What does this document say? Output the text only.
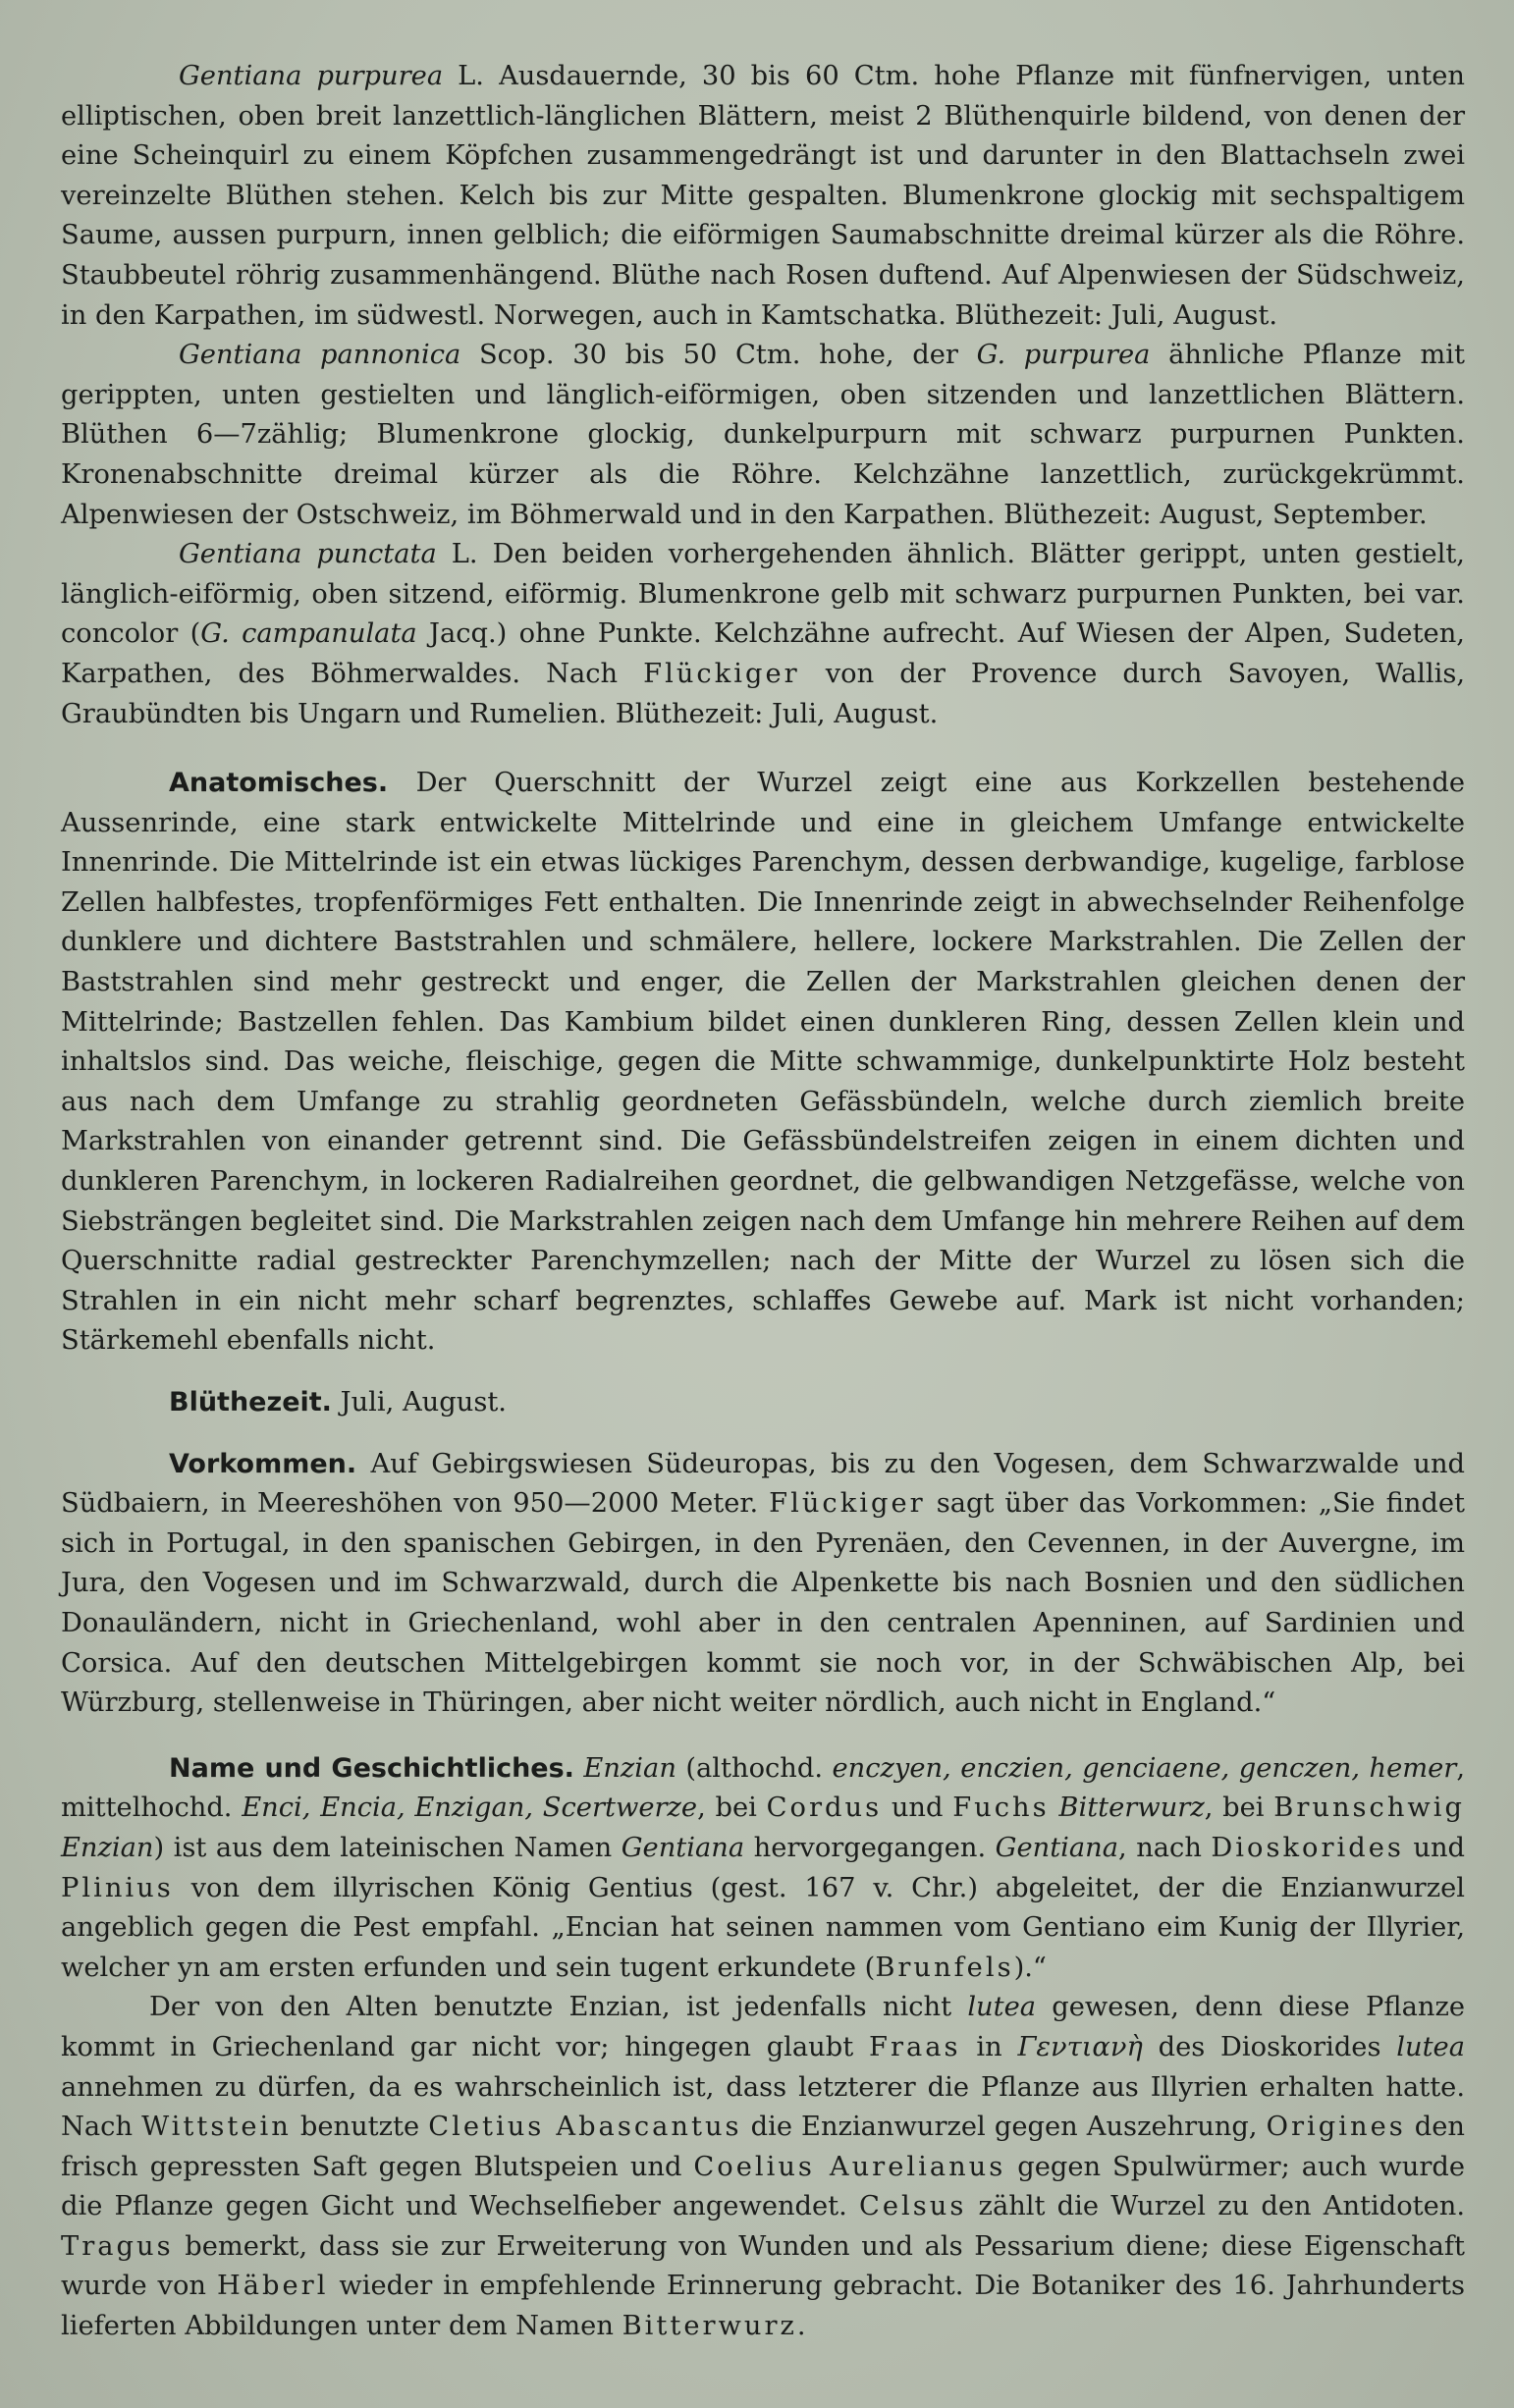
Gentiana purpurea L. Ausdauernde, 30 bis 60 Ctm. hohe Pflanze mit fünfnervigen, unten elliptischen, oben breit lanzettlich-länglichen Blättern, meist 2 Blüthenquirle bildend, von denen der eine Scheinquirl zu einem Köpfchen zusammengedrängt ist und darunter in den Blattachseln zwei vereinzelte Blüthen stehen. Kelch bis zur Mitte gespalten. Blumenkrone glockig mit sechspaltigem Saume, aussen purpurn, innen gelblich; die eiförmigen Saumabschnitte dreimal kürzer als die Röhre. Staubbeutel röhrig zusammenhängend. Blüthe nach Rosen duftend. Auf Alpenwiesen der Südschweiz, in den Karpathen, im südwestl. Norwegen, auch in Kamtschatka. Blüthezeit: Juli, August.

Gentiana pannonica Scop. 30 bis 50 Ctm. hohe, der G. purpurea ähnliche Pflanze mit gerippten, unten gestielten und länglich-eiförmigen, oben sitzenden und lanzettlichen Blättern. Blüthen 6—7zählig; Blumenkrone glockig, dunkelpurpurn mit schwarz purpurnen Punkten. Kronenabschnitte dreimal kürzer als die Röhre. Kelchzähne lanzettlich, zurückgekrümmt. Alpenwiesen der Ostschweiz, im Böhmerwald und in den Karpathen. Blüthezeit: August, September.

Gentiana punctata L. Den beiden vorhergehenden ähnlich. Blätter gerippt, unten gestielt, länglich-eiförmig, oben sitzend, eiförmig. Blumenkrone gelb mit schwarz purpurnen Punkten, bei var. concolor (G. campanulata Jacq.) ohne Punkte. Kelchzähne aufrecht. Auf Wiesen der Alpen, Sudeten, Karpathen, des Böhmerwaldes. Nach Flückiger von der Provence durch Savoyen, Wallis, Graubündten bis Ungarn und Rumelien. Blüthezeit: Juli, August.

Anatomisches. Der Querschnitt der Wurzel zeigt eine aus Korkzellen bestehende Aussenrinde, eine stark entwickelte Mittelrinde und eine in gleichem Umfange entwickelte Innenrinde. Die Mittelrinde ist ein etwas lückiges Parenchym, dessen derbwandige, kugelige, farblose Zellen halbfestes, tropfenförmiges Fett enthalten. Die Innenrinde zeigt in abwechselnder Reihenfolge dunklere und dichtere Baststrahlen und schmälere, hellere, lockere Markstrahlen. Die Zellen der Baststrahlen sind mehr gestreckt und enger, die Zellen der Markstrahlen gleichen denen der Mittelrinde; Bastzellen fehlen. Das Kambium bildet einen dunkleren Ring, dessen Zellen klein und inhaltslos sind. Das weiche, fleischige, gegen die Mitte schwammige, dunkelpunktirte Holz besteht aus nach dem Umfange zu strahlig geordneten Gefässbündeln, welche durch ziemlich breite Markstrahlen von einander getrennt sind. Die Gefässbündelstreifen zeigen in einem dichten und dunkleren Parenchym, in lockeren Radialreihen geordnet, die gelbwandigen Netzgefässe, welche von Siebsträngen begleitet sind. Die Markstrahlen zeigen nach dem Umfange hin mehrere Reihen auf dem Querschnitte radial gestreckter Parenchymzellen; nach der Mitte der Wurzel zu lösen sich die Strahlen in ein nicht mehr scharf begrenztes, schlaffes Gewebe auf. Mark ist nicht vorhanden; Stärkemehl ebenfalls nicht.

Blüthezeit. Juli, August.

Vorkommen. Auf Gebirgswiesen Südeuropas, bis zu den Vogesen, dem Schwarzwalde und Südbaiern, in Meereshöhen von 950—2000 Meter. Flückiger sagt über das Vorkommen: „Sie findet sich in Portugal, in den spanischen Gebirgen, in den Pyrenäen, den Cevennen, in der Auvergne, im Jura, den Vogesen und im Schwarzwald, durch die Alpenkette bis nach Bosnien und den südlichen Donauländern, nicht in Griechenland, wohl aber in den centralen Apenninen, auf Sardinien und Corsica. Auf den deutschen Mittelgebirgen kommt sie noch vor, in der Schwäbischen Alp, bei Würzburg, stellenweise in Thüringen, aber nicht weiter nördlich, auch nicht in England.“

Name und Geschichtliches. Enzian (althochd. enczyen, enczien, genciaene, genczen, hemer, mittelhochd. Enci, Encia, Enzigan, Scertwerze, bei Cordus und Fuchs Bitterwurz, bei Brunschwig Enzian) ist aus dem lateinischen Namen Gentiana hervorgegangen. Gentiana, nach Dioskorides und Plinius von dem illyrischen König Gentius (gest. 167 v. Chr.) abgeleitet, der die Enzianwurzel angeblich gegen die Pest empfahl. „Encian hat seinen nammen vom Gentiano eim Kunig der Illyrier, welcher yn am ersten erfunden und sein tugent erkundete (Brunfels).“

Der von den Alten benutzte Enzian, ist jedenfalls nicht lutea gewesen, denn diese Pflanze kommt in Griechenland gar nicht vor; hingegen glaubt Fraas in Γεντιανὴ des Dioskorides lutea annehmen zu dürfen, da es wahrscheinlich ist, dass letzterer die Pflanze aus Illyrien erhalten hatte. Nach Wittstein benutzte Cletius Abascantus die Enzianwurzel gegen Auszehrung, Origines den frisch gepressten Saft gegen Blutspeien und Coelius Aurelianus gegen Spulwürmer; auch wurde die Pflanze gegen Gicht und Wechselfieber angewendet. Celsus zählt die Wurzel zu den Antidoten. Tragus bemerkt, dass sie zur Erweiterung von Wunden und als Pessarium diene; diese Eigenschaft wurde von Häberl wieder in empfehlende Erinnerung gebracht. Die Botaniker des 16. Jahrhunderts lieferten Abbildungen unter dem Namen Bitterwurz.
